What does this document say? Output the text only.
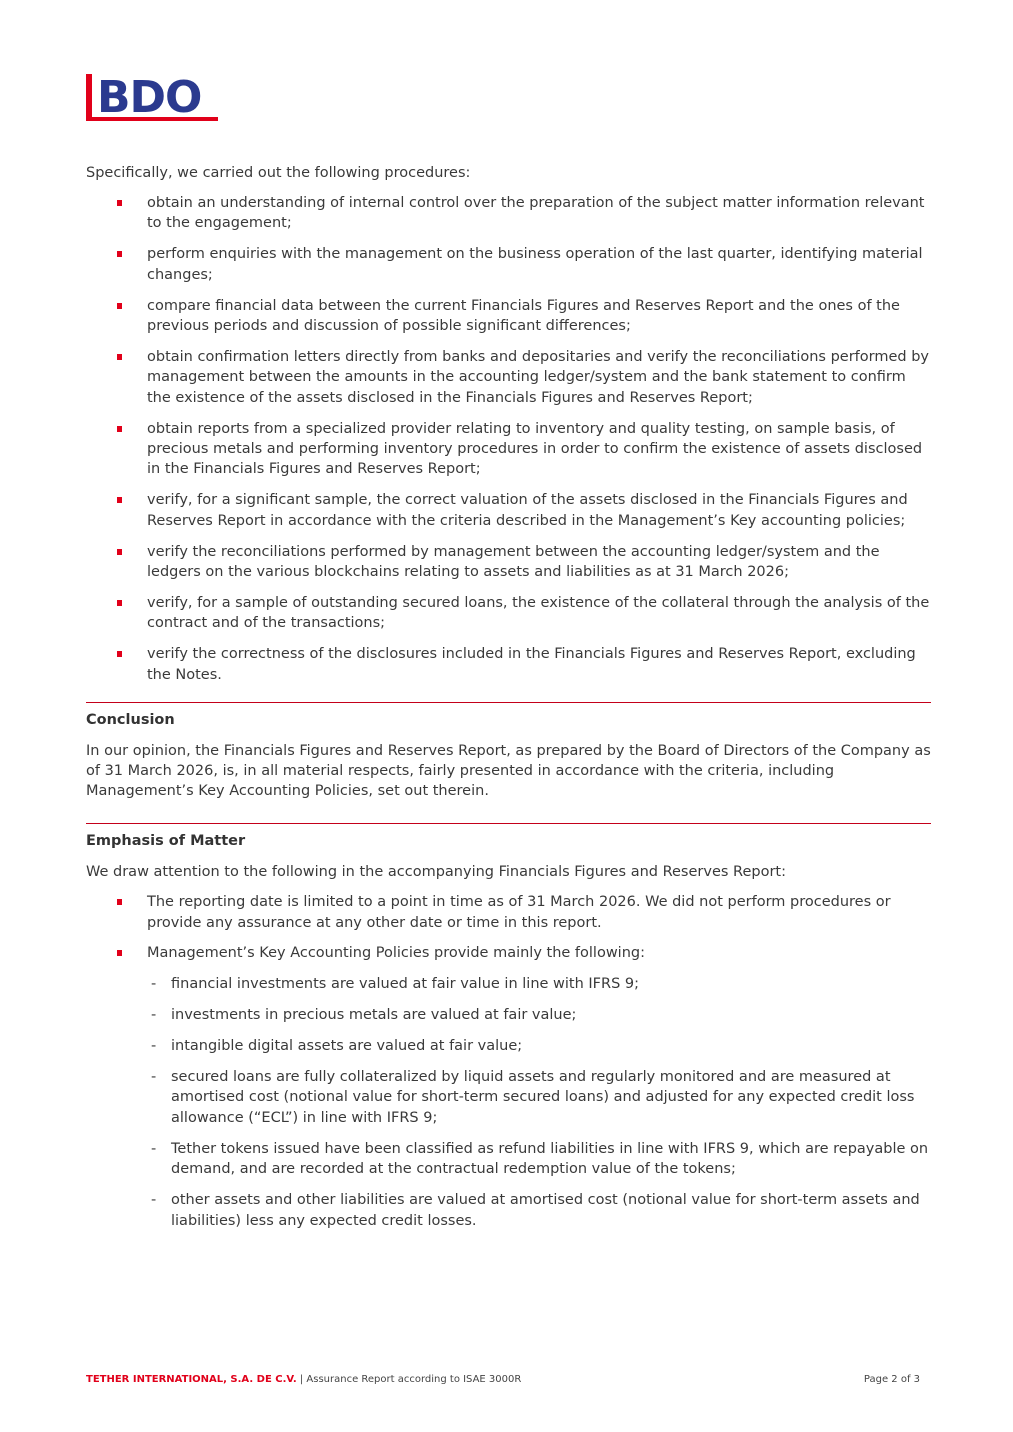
BDO

Specifically, we carried out the following procedures:

obtain an understanding of internal control over the preparation of the subject matter information relevant to the engagement;
perform enquiries with the management on the business operation of the last quarter, identifying material changes;
compare financial data between the current Financials Figures and Reserves Report and the ones of the previous periods and discussion of possible significant differences;
obtain confirmation letters directly from banks and depositaries and verify the reconciliations performed by management between the amounts in the accounting ledger/system and the bank statement to confirm the existence of the assets disclosed in the Financials Figures and Reserves Report;
obtain reports from a specialized provider relating to inventory and quality testing, on sample basis, of precious metals and performing inventory procedures in order to confirm the existence of assets disclosed in the Financials Figures and Reserves Report;
verify, for a significant sample, the correct valuation of the assets disclosed in the Financials Figures and Reserves Report in accordance with the criteria described in the Management’s Key accounting policies;
verify the reconciliations performed by management between the accounting ledger/system and the ledgers on the various blockchains relating to assets and liabilities as at 31 March 2026;
verify, for a sample of outstanding secured loans, the existence of the collateral through the analysis of the contract and of the transactions;
verify the correctness of the disclosures included in the Financials Figures and Reserves Report, excluding the Notes.

Conclusion

In our opinion, the Financials Figures and Reserves Report, as prepared by the Board of Directors of the Company as of 31 March 2026, is, in all material respects, fairly presented in accordance with the criteria, including Management’s Key Accounting Policies, set out therein.

Emphasis of Matter

We draw attention to the following in the accompanying Financials Figures and Reserves Report:

The reporting date is limited to a point in time as of 31 March 2026. We did not perform procedures or provide any assurance at any other date or time in this report.
Management’s Key Accounting Policies provide mainly the following:
- financial investments are valued at fair value in line with IFRS 9;
- investments in precious metals are valued at fair value;
- intangible digital assets are valued at fair value;
- secured loans are fully collateralized by liquid assets and regularly monitored and are measured at amortised cost (notional value for short-term secured loans) and adjusted for any expected credit loss allowance (“ECL”) in line with IFRS 9;
- Tether tokens issued have been classified as refund liabilities in line with IFRS 9, which are repayable on demand, and are recorded at the contractual redemption value of the tokens;
- other assets and other liabilities are valued at amortised cost (notional value for short-term assets and liabilities) less any expected credit losses.
TETHER INTERNATIONAL, S.A. DE C.V. | Assurance Report according to ISAE 3000R	Page 2 of 3
